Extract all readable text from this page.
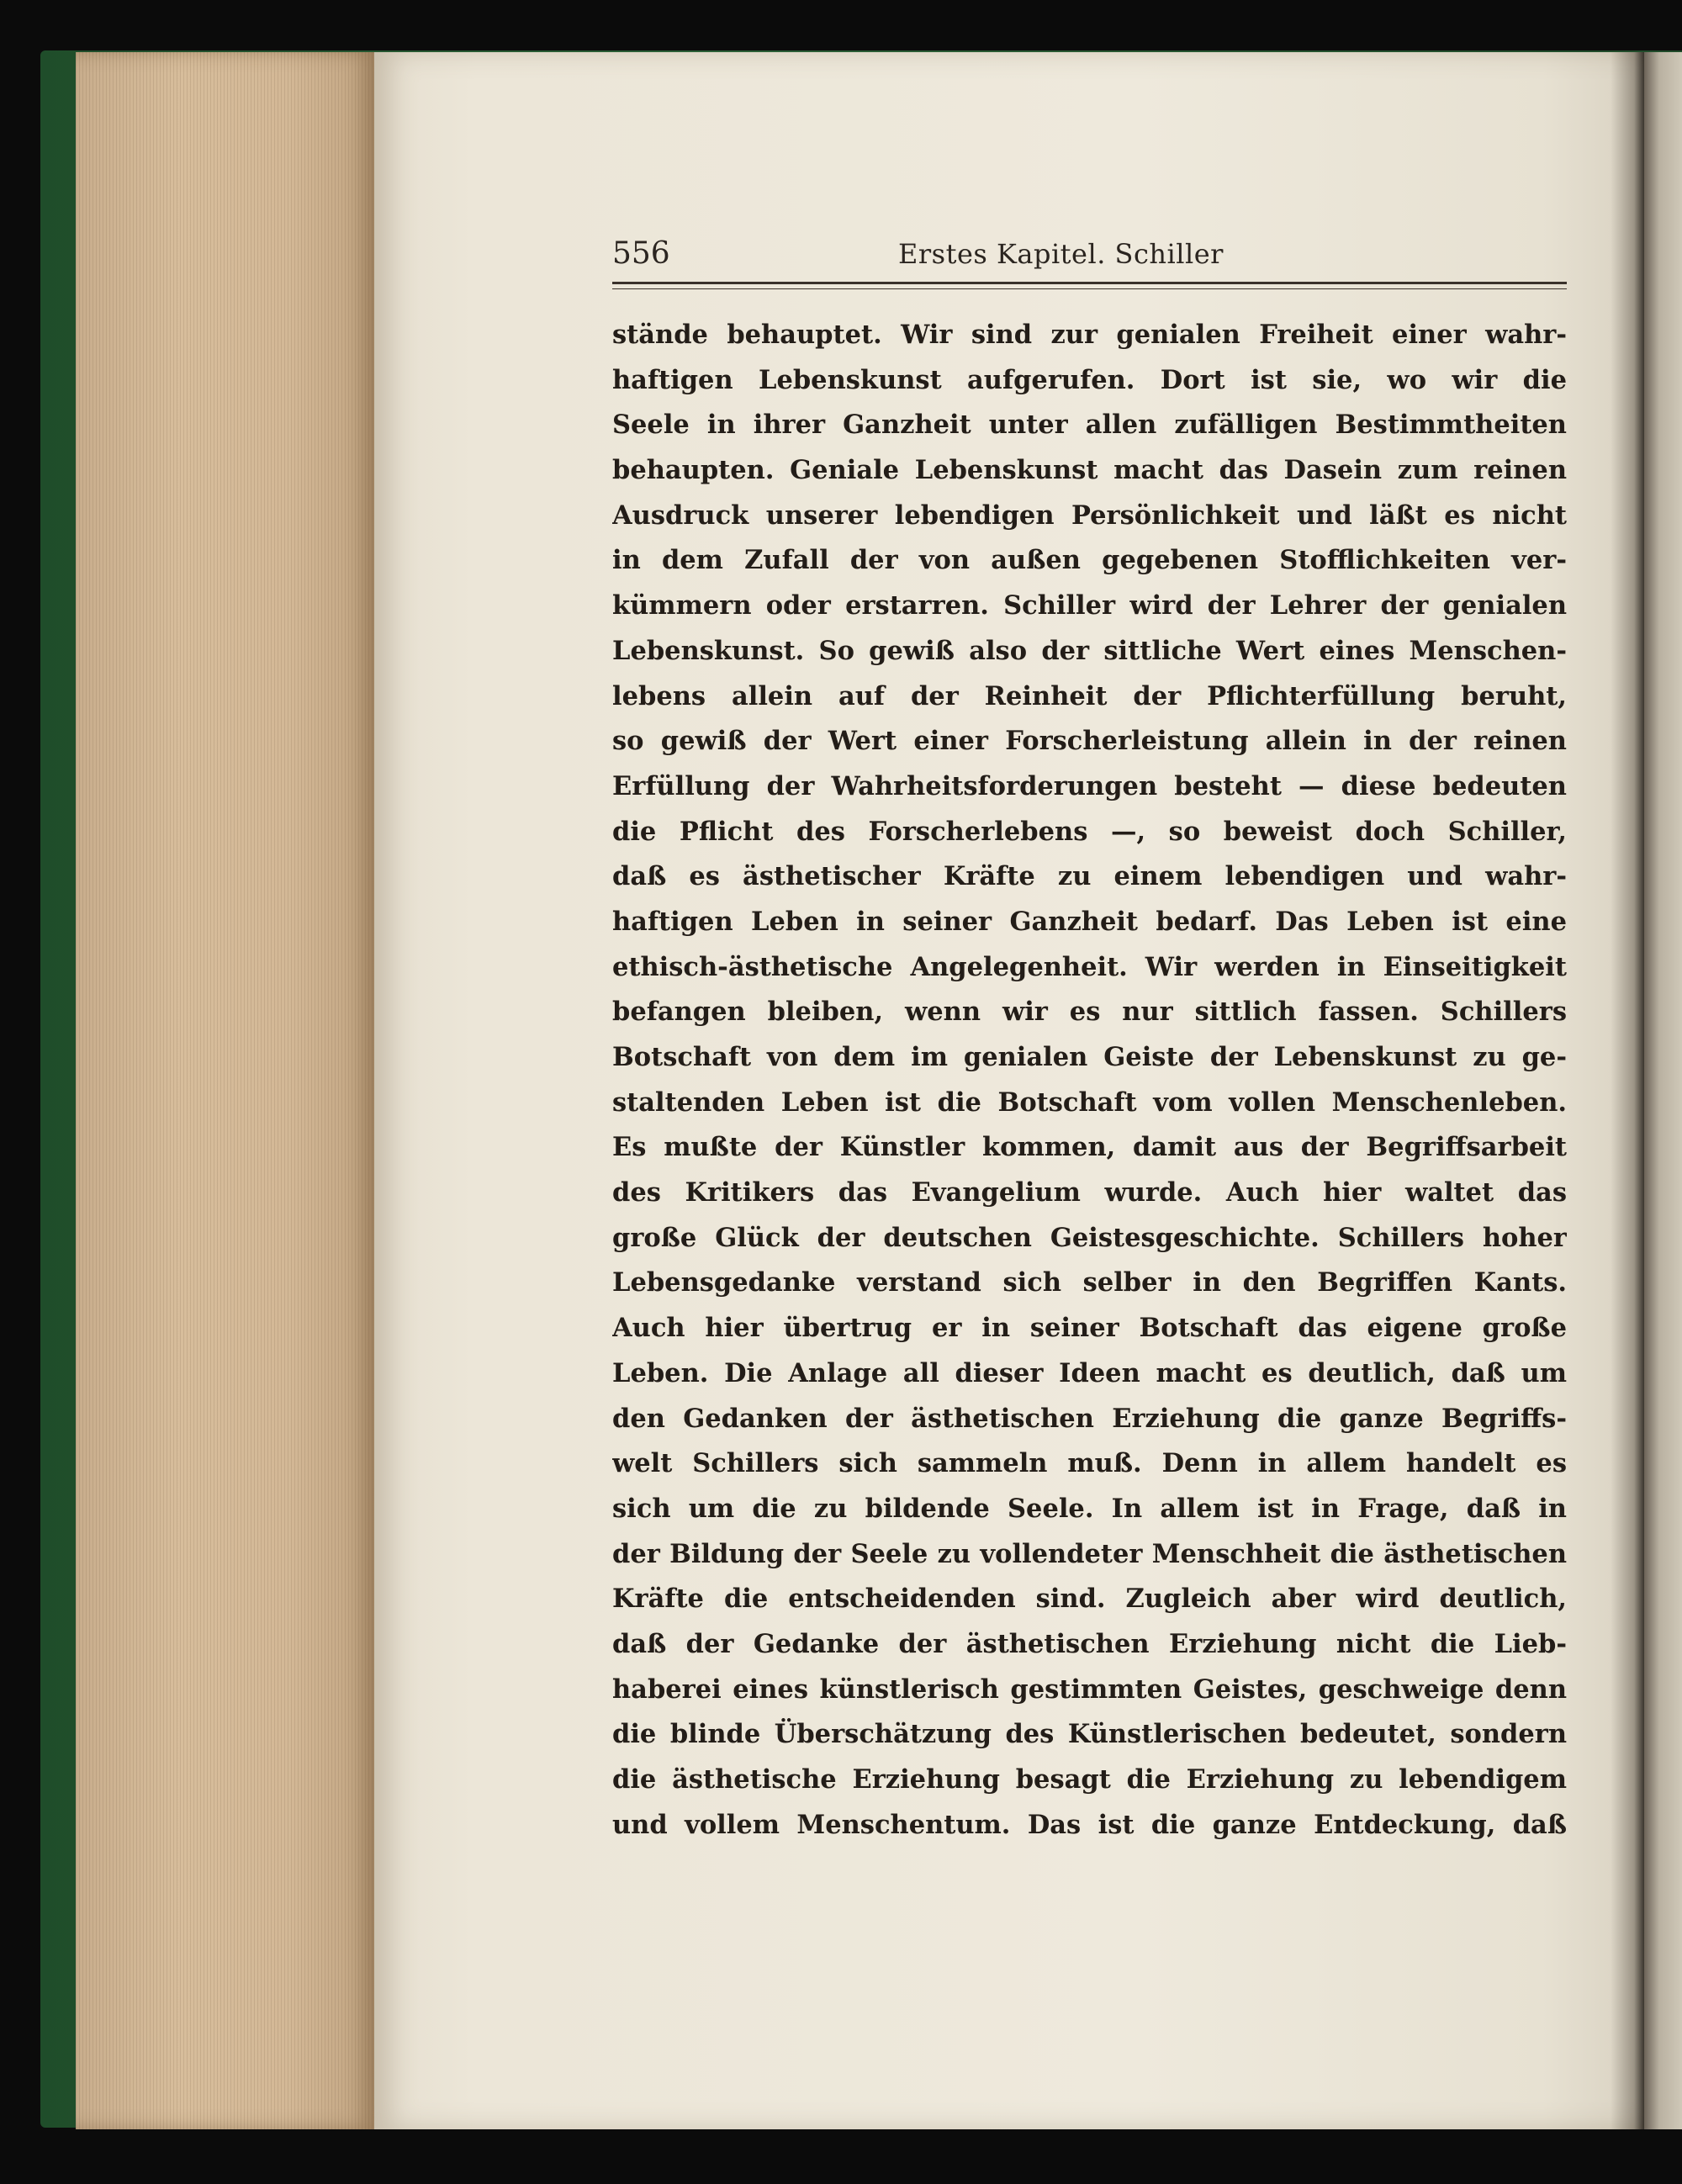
556	Erstes Kapitel. Schiller
stände behauptet. Wir sind zur genialen Freiheit einer wahr-
haftigen Lebenskunst aufgerufen. Dort ist sie, wo wir die
Seele in ihrer Ganzheit unter allen zufälligen Bestimmtheiten
behaupten. Geniale Lebenskunst macht das Dasein zum reinen
Ausdruck unserer lebendigen Persönlichkeit und läßt es nicht
in dem Zufall der von außen gegebenen Stofflichkeiten ver-
kümmern oder erstarren. Schiller wird der Lehrer der genialen
Lebenskunst. So gewiß also der sittliche Wert eines Menschen-
lebens allein auf der Reinheit der Pflichterfüllung beruht,
so gewiß der Wert einer Forscherleistung allein in der reinen
Erfüllung der Wahrheitsforderungen besteht — diese bedeuten
die Pflicht des Forscherlebens —, so beweist doch Schiller,
daß es ästhetischer Kräfte zu einem lebendigen und wahr-
haftigen Leben in seiner Ganzheit bedarf. Das Leben ist eine
ethisch-ästhetische Angelegenheit. Wir werden in Einseitigkeit
befangen bleiben, wenn wir es nur sittlich fassen. Schillers
Botschaft von dem im genialen Geiste der Lebenskunst zu ge-
staltenden Leben ist die Botschaft vom vollen Menschenleben.
Es mußte der Künstler kommen, damit aus der Begriffsarbeit
des Kritikers das Evangelium wurde. Auch hier waltet das
große Glück der deutschen Geistesgeschichte. Schillers hoher
Lebensgedanke verstand sich selber in den Begriffen Kants.
Auch hier übertrug er in seiner Botschaft das eigene große
Leben. Die Anlage all dieser Ideen macht es deutlich, daß um
den Gedanken der ästhetischen Erziehung die ganze Begriffs-
welt Schillers sich sammeln muß. Denn in allem handelt es
sich um die zu bildende Seele. In allem ist in Frage, daß in
der Bildung der Seele zu vollendeter Menschheit die ästhetischen
Kräfte die entscheidenden sind. Zugleich aber wird deutlich,
daß der Gedanke der ästhetischen Erziehung nicht die Lieb-
haberei eines künstlerisch gestimmten Geistes, geschweige denn
die blinde Überschätzung des Künstlerischen bedeutet, sondern
die ästhetische Erziehung besagt die Erziehung zu lebendigem
und vollem Menschentum. Das ist die ganze Entdeckung, daß
